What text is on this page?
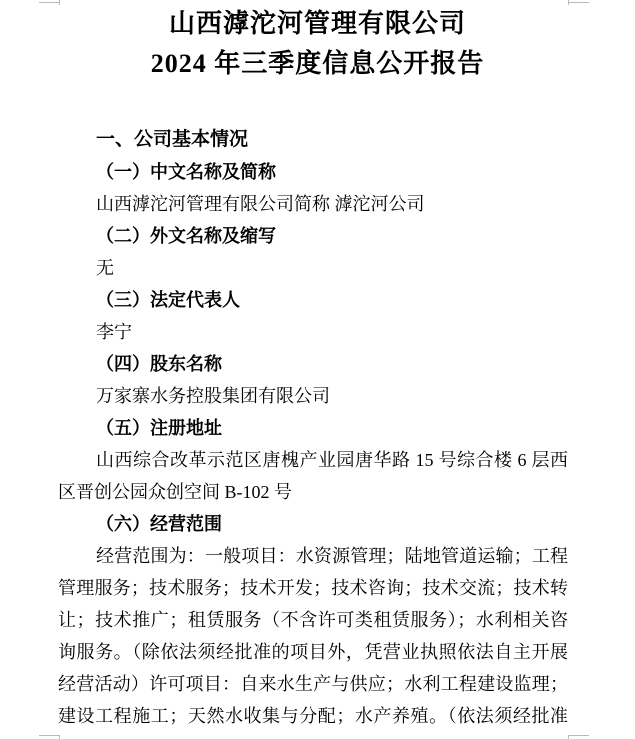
山西滹沱河管理有限公司
2024 年三季度信息公开报告
一、公司基本情况
（一）中文名称及简称
山西滹沱河管理有限公司简称 滹沱河公司
（二）外文名称及缩写
无
（三）法定代表人
李宁
（四）股东名称
万家寨水务控股集团有限公司
（五）注册地址
山西综合改革示范区唐槐产业园唐华路 15 号综合楼 6 层西
区晋创公园众创空间 B-102 号
（六）经营范围
经营范围为：一般项目：水资源管理；陆地管道运输；工程
管理服务；技术服务；技术开发；技术咨询；技术交流；技术转
让；技术推广；租赁服务（不含许可类租赁服务）；水利相关咨
询服务。（除依法须经批准的项目外，凭营业执照依法自主开展
经营活动）许可项目：自来水生产与供应；水利工程建设监理；
建设工程施工；天然水收集与分配；水产养殖。（依法须经批准
